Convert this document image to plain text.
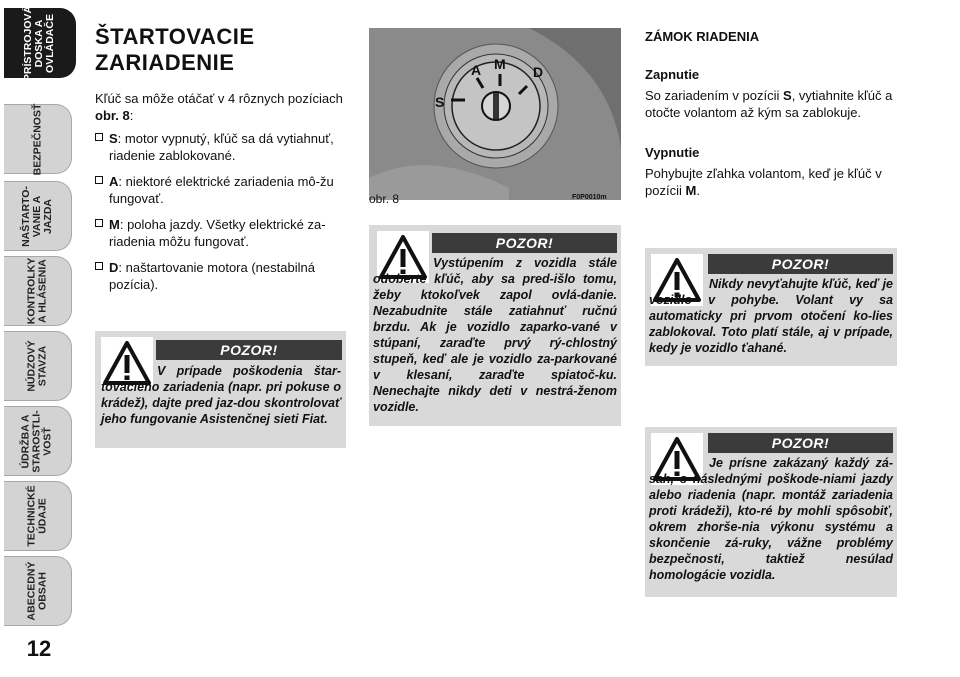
PRÍSTROJOVÁ
DOSKA A
OVLÁDAČE
BEZPEČNOSŤ
NAŠTARTO-
VANIE A
JAZDA
KONTROLKY
A HLÁSENIA
NÚDZOVÝ
STAVZA
ÚDRŽBA A
STAROSTLI-
VOSŤ
TECHNICKÉ
ÚDAJE
ABECEDNÝ
OBSAH
12
ŠTARTOVACIE
ZARIADENIE
Kľúč sa môže otáčať v 4 rôznych pozíciach obr. 8:
S: motor vypnutý, kľúč sa dá vytiahnuť, riadenie zablokované.
A: niektoré elektrické zariadenia mô-žu fungovať.
M: poloha jazdy. Všetky elektrické za-riadenia môžu fungovať.
D: naštartovanie motora (nestabilná pozícia).
POZOR!
V prípade poškodenia štar-tovacieho zariadenia (napr. pri pokuse o krádež), dajte pred jaz-dou skontrolovať jeho fungovanie Asistenčnej sieti Fiat.
S
A M D
obr. 8	F0P0010m
POZOR!
Vystúpením z vozidla stále odoberte kľúč, aby sa pred-išlo tomu, žeby ktokoľvek zapol ovlá-danie. Nezabudnite stále zatiahnuť ručnú brzdu. Ak je vozidlo zaparko-vané v stúpaní, zaraďte prvý rý-chlostný stupeň, keď ale je vozidlo za-parkované v klesaní, zaraďte spiatoč-ku. Nenechajte nikdy deti v nestrá-ženom vozidle.
ZÁMOK RIADENIA
Zapnutie
So zariadením v pozícii S, vytiahnite kľúč a otočte volantom až kým sa zablokuje.
Vypnutie
Pohybujte zľahka volantom, keď je kľúč v pozícii M.
POZOR!
Nikdy nevyťahujte kľúč, keď je vozidlo v pohybe. Volant vy sa automaticky pri prvom otočení ko-lies zablokoval. Toto platí stále, aj v prípade, kedy je vozidlo ťahané.
POZOR!
Je prísne zakázaný každý zá-sah, s následnými poškode-niami jazdy alebo riadenia (napr. montáž zariadenia proti krádeži), kto-ré by mohli spôsobiť, okrem zhorše-nia výkonu systému a skončenie zá-ruky, vážne problémy bezpečnosti, taktiež nesúlad homologácie vozidla.
